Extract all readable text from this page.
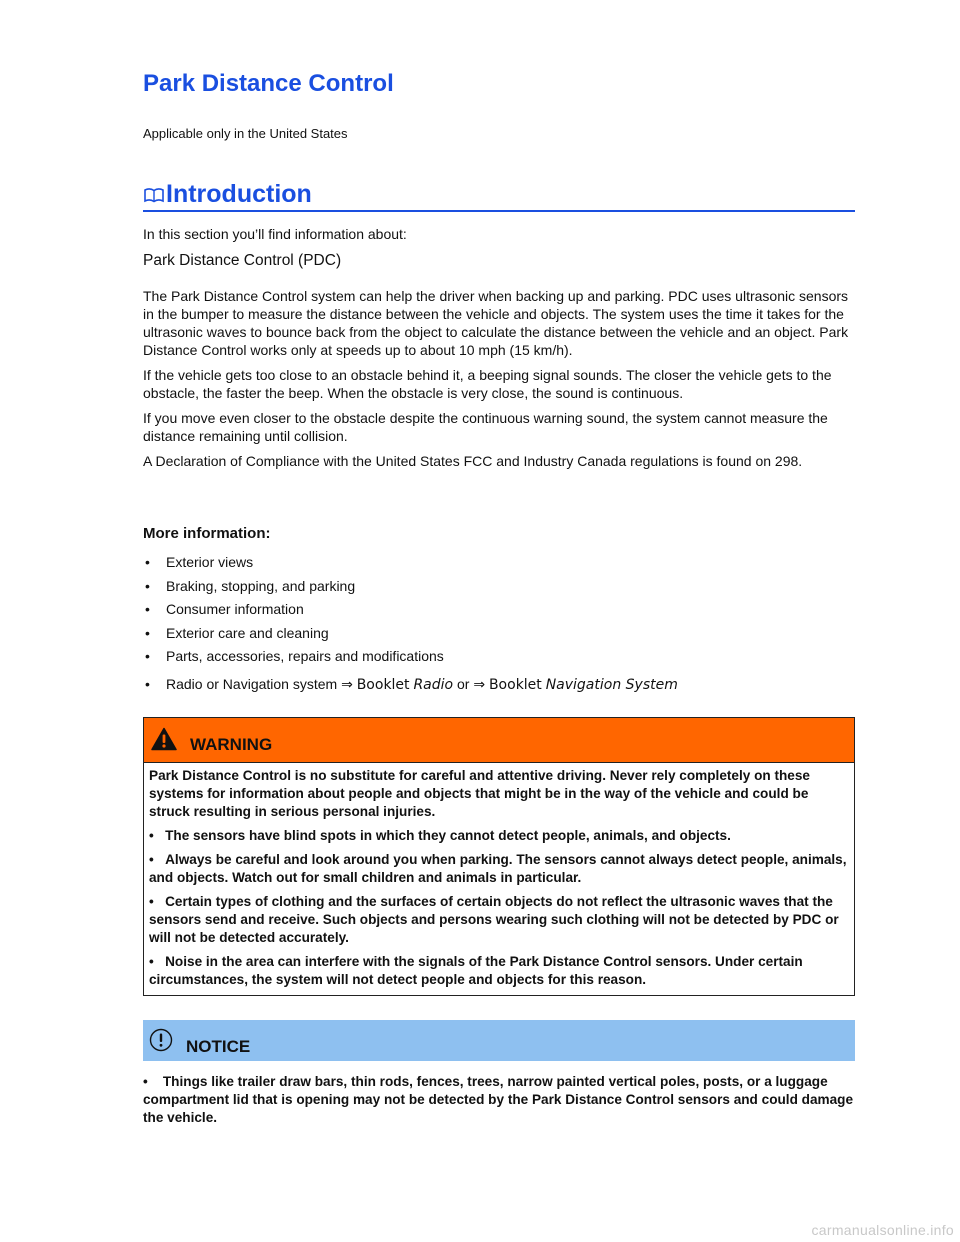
Park Distance Control

Applicable only in the United States

Introduction

In this section you’ll find information about:

Park Distance Control (PDC)

The Park Distance Control system can help the driver when backing up and parking. PDC uses ultrasonic sensors in the bumper to measure the distance between the vehicle and objects. The system uses the time it takes for the ultrasonic waves to bounce back from the object to calculate the distance between the vehicle and an object. Park Distance Control works only at speeds up to about 10 mph (15 km/h).

If the vehicle gets too close to an obstacle behind it, a beeping signal sounds. The closer the vehicle gets to the obstacle, the faster the beep. When the obstacle is very close, the sound is continuous.

If you move even closer to the obstacle despite the continuous warning sound, the system cannot measure the distance remaining until collision.

A Declaration of Compliance with the United States FCC and Industry Canada regulations is found on 298.

More information:

• Exterior views
• Braking, stopping, and parking
• Consumer information
• Exterior care and cleaning
• Parts, accessories, repairs and modifications
• Radio or Navigation system ⇒ Booklet Radio or ⇒ Booklet Navigation System
WARNING

Park Distance Control is no substitute for careful and attentive driving. Never rely completely on these systems for information about people and objects that might be in the way of the vehicle and could be struck resulting in serious personal injuries.

• The sensors have blind spots in which they cannot detect people, animals, and objects.

• Always be careful and look around you when parking. The sensors cannot always detect people, animals, and objects. Watch out for small children and animals in particular.

• Certain types of clothing and the surfaces of certain objects do not reflect the ultrasonic waves that the sensors send and receive. Such objects and persons wearing such clothing will not be detected by PDC or will not be detected accurately.

• Noise in the area can interfere with the signals of the Park Distance Control sensors. Under certain circumstances, the system will not detect people and objects for this reason.

NOTICE

• Things like trailer draw bars, thin rods, fences, trees, narrow painted vertical poles, posts, or a luggage compartment lid that is opening may not be detected by the Park Distance Control sensors and could damage the vehicle.

carmanualsonline.info
